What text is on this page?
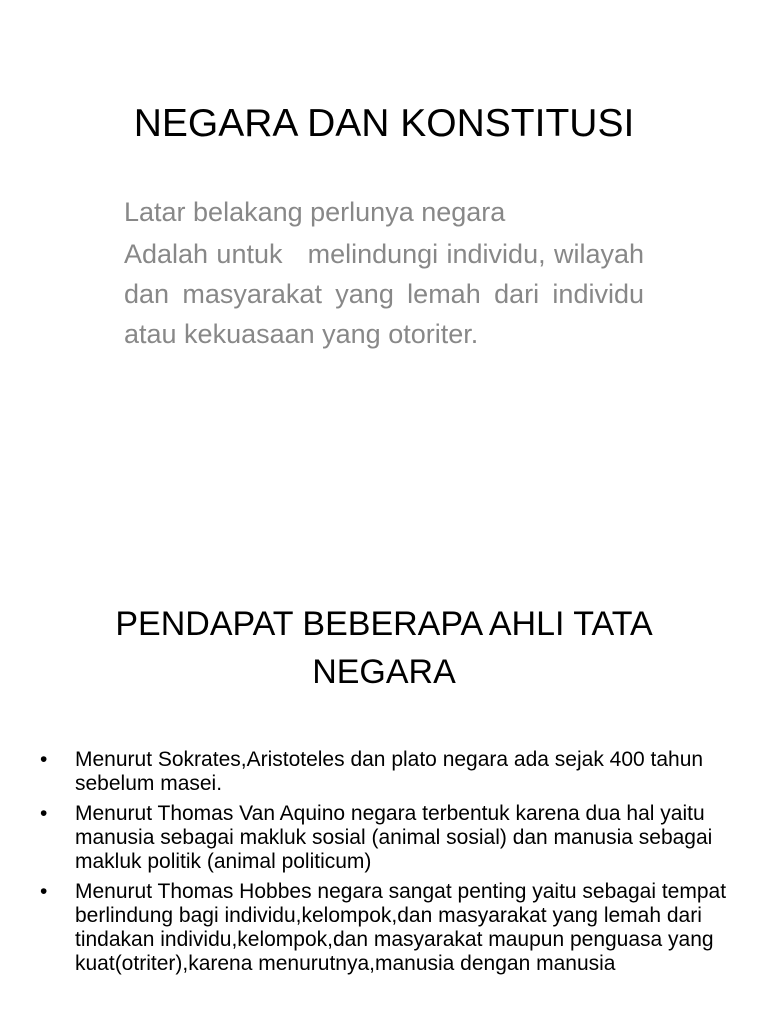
NEGARA DAN KONSTITUSI

Latar belakang perlunya negara

Adalah untuk   melindungi individu, wilayah dan masyarakat yang lemah dari individu atau kekuasaan yang otoriter.

PENDAPAT BEBERAPA AHLI TATA
NEGARA
•	Menurut Sokrates,Aristoteles dan plato negara ada sejak 400 tahun sebelum masei.
•	Menurut Thomas Van Aquino negara terbentuk karena dua hal yaitu manusia sebagai makluk sosial (animal sosial) dan manusia sebagai makluk politik (animal politicum)
•	Menurut Thomas Hobbes negara sangat penting yaitu sebagai tempat berlindung bagi individu,kelompok,dan masyarakat yang lemah dari tindakan individu,kelompok,dan masyarakat maupun penguasa yang kuat(otriter),karena menurutnya,manusia dengan manusia
